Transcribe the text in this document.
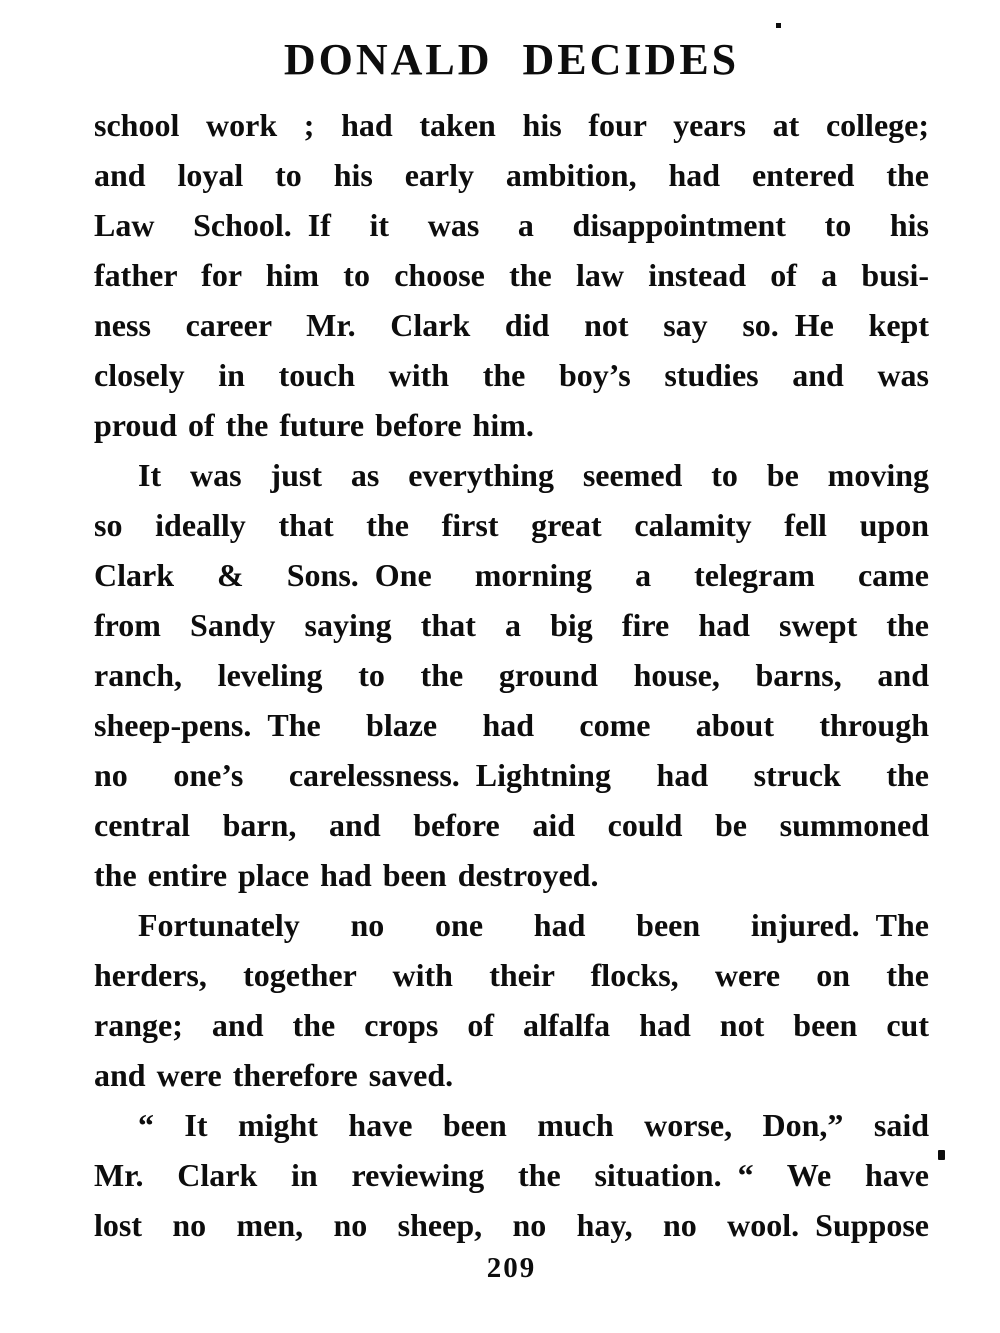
DONALD DECIDES
school work ; had taken his four years at college;
and loyal to his early ambition, had entered the
Law School. If it was a disappointment to his
father for him to choose the law instead of a busi-
ness career Mr. Clark did not say so. He kept
closely in touch with the boy’s studies and was
proud of the future before him.
It was just as everything seemed to be moving
so ideally that the first great calamity fell upon
Clark & Sons. One morning a telegram came
from Sandy saying that a big fire had swept the
ranch, leveling to the ground house, barns, and
sheep-pens. The blaze had come about through
no one’s carelessness. Lightning had struck the
central barn, and before aid could be summoned
the entire place had been destroyed.
Fortunately no one had been injured. The
herders, together with their flocks, were on the
range; and the crops of alfalfa had not been cut
and were therefore saved.
“ It might have been much worse, Don,” said
Mr. Clark in reviewing the situation. “ We have
lost no men, no sheep, no hay, no wool. Suppose
209
